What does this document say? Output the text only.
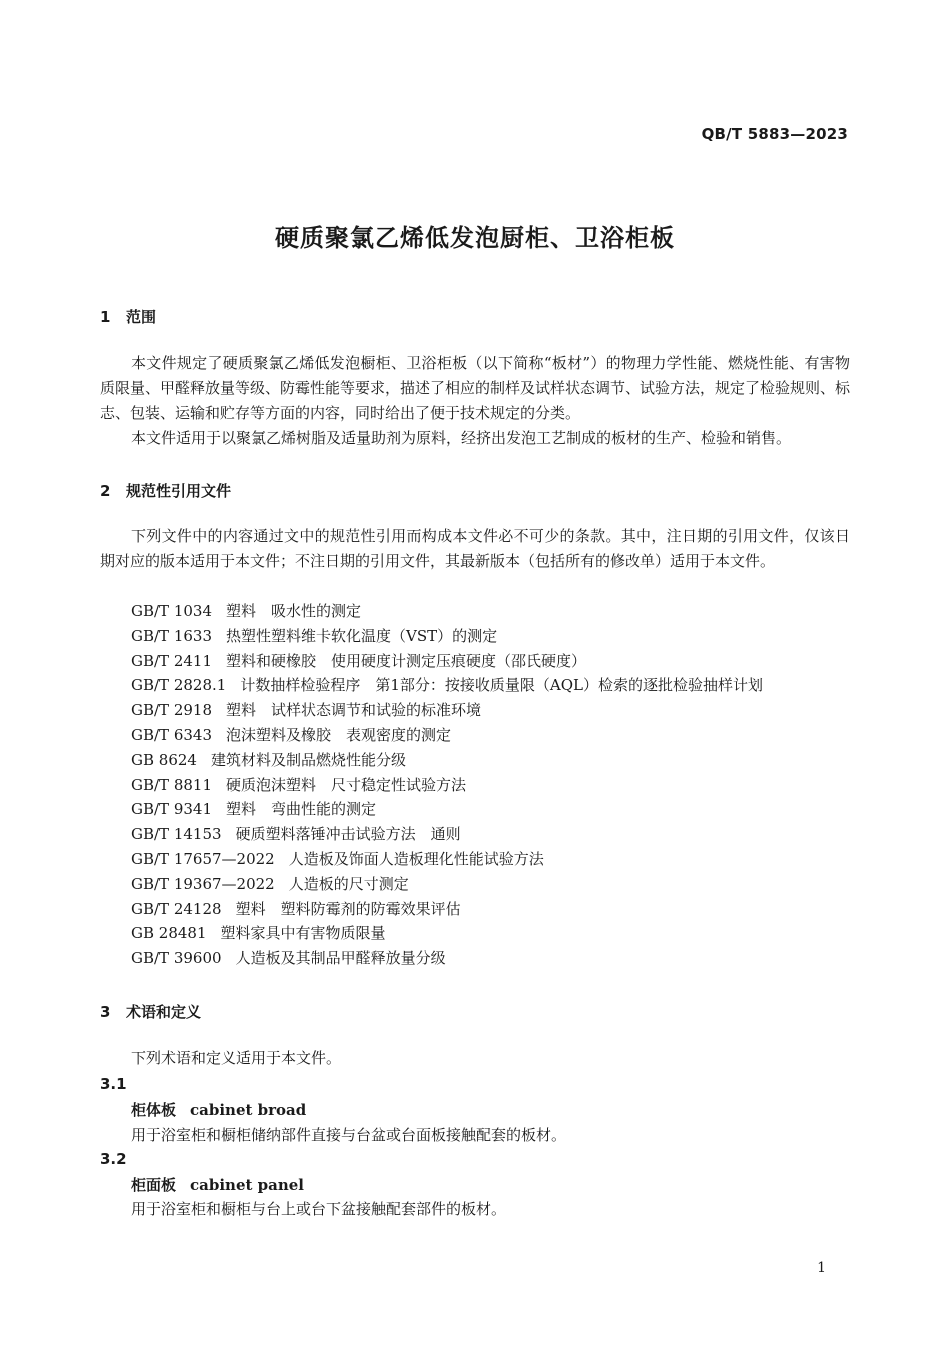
QB/T 5883—2023
硬质聚氯乙烯低发泡厨柜、卫浴柜板
1 范围
本文件规定了硬质聚氯乙烯低发泡橱柜、卫浴柜板（以下简称“板材”）的物理力学性能、燃烧性能、有害物质限量、甲醛释放量等级、防霉性能等要求，描述了相应的制样及试样状态调节、试验方法，规定了检验规则、标志、包装、运输和贮存等方面的内容，同时给出了便于技术规定的分类。
本文件适用于以聚氯乙烯树脂及适量助剂为原料，经挤出发泡工艺制成的板材的生产、检验和销售。
2 规范性引用文件
下列文件中的内容通过文中的规范性引用而构成本文件必不可少的条款。其中，注日期的引用文件，仅该日期对应的版本适用于本文件；不注日期的引用文件，其最新版本（包括所有的修改单）适用于本文件。
GB/T 1034 塑料　吸水性的测定
GB/T 1633 热塑性塑料维卡软化温度（VST）的测定
GB/T 2411 塑料和硬橡胶　使用硬度计测定压痕硬度（邵氏硬度）
GB/T 2828.1 计数抽样检验程序　第1部分：按接收质量限（AQL）检索的逐批检验抽样计划
GB/T 2918 塑料　试样状态调节和试验的标准环境
GB/T 6343 泡沫塑料及橡胶　表观密度的测定
GB 8624 建筑材料及制品燃烧性能分级
GB/T 8811 硬质泡沫塑料　尺寸稳定性试验方法
GB/T 9341 塑料　弯曲性能的测定
GB/T 14153 硬质塑料落锤冲击试验方法　通则
GB/T 17657—2022 人造板及饰面人造板理化性能试验方法
GB/T 19367—2022 人造板的尺寸测定
GB/T 24128 塑料　塑料防霉剂的防霉效果评估
GB 28481 塑料家具中有害物质限量
GB/T 39600 人造板及其制品甲醛释放量分级
3 术语和定义
下列术语和定义适用于本文件。
3.1
柜体板 cabinet broad
用于浴室柜和橱柜储纳部件直接与台盆或台面板接触配套的板材。
3.2
柜面板 cabinet panel
用于浴室柜和橱柜与台上或台下盆接触配套部件的板材。
1
